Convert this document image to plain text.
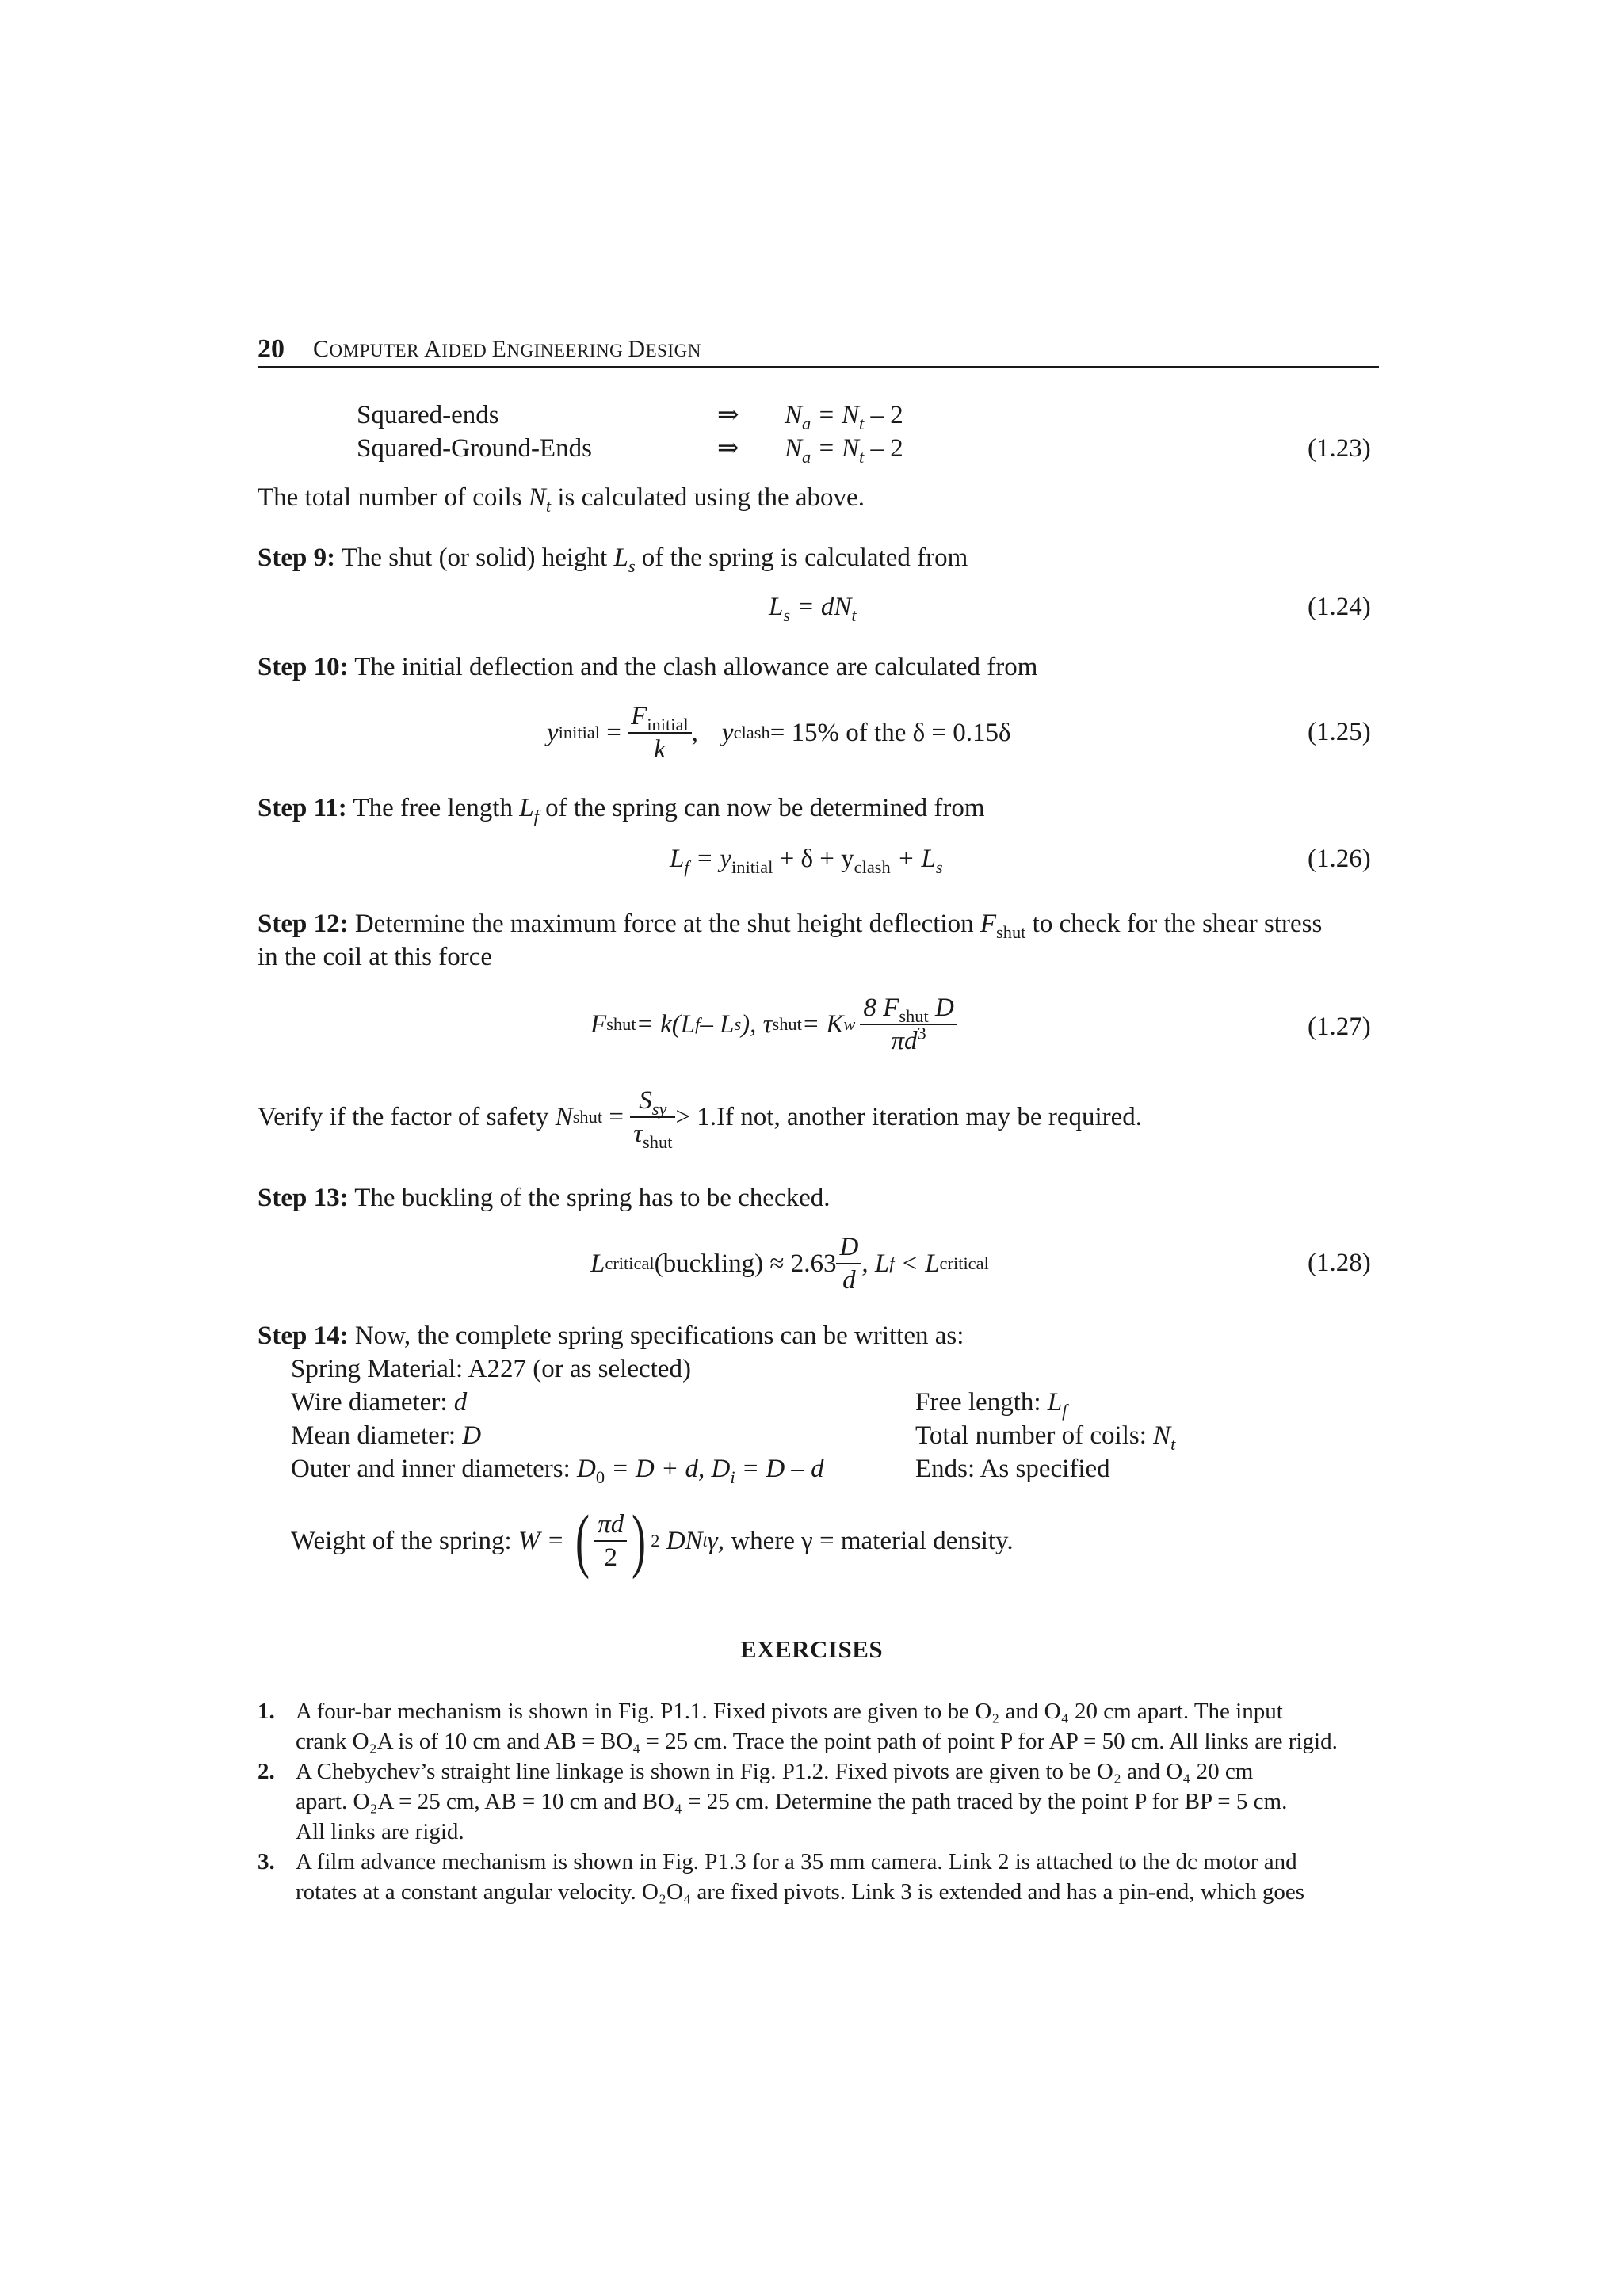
20 COMPUTER AIDED ENGINEERING DESIGN
Squared-ends	⇒ $N_a = N_t - 2$
Squared-Ground-Ends	⇒ $N_a = N_t - 2$	(1.23)
The total number of coils $N_t$ is calculated using the above.
Step 9: The shut (or solid) height $L_s$ of the spring is calculated from
$L_s = dN_t$	(1.24)
Step 10: The initial deflection and the clash allowance are calculated from
y initial = $\frac{F_{initial}}{k}$ , y clash = 15% of the δ = 0.15δ	(1.25)
Step 11: The free length $L_f$ of the spring can now be determined from
$L_f = y_{initial} + \delta + y_{clash} + L_s$	(1.26)
Step 12: Determine the maximum force at the shut height deflection $F_{shut}$ to check for the shear stress
in the coil at this force
F shut = k(L f – L s ), τ shut = K w $\frac{8 F_{shut} D}{\pi d^3}$	(1.27)
Verify if the factor of safety N shut = $\frac{S_{sy}}{\tau_{shut}} > 1$. If not, another iteration may be required.
Step 13: The buckling of the spring has to be checked.
L critical (buckling) ≈ $2.63 \frac{D}{d}$ , L f < L critical	(1.28)
Step 14: Now, the complete spring specifications can be written as:
Spring Material: A227 (or as selected)
Wire diameter: d	Free length: $L_f$
Mean diameter: D	Total number of coils: $N_t$
Outer and inner diameters: $D_0 = D + d$, $D_i = D - d$	Ends: As specified
Weight of the spring: W = ( $\frac{\pi d}{2}$ ) 2 DN t γ, where γ = material density.
EXERCISES
1. A four-bar mechanism is shown in Fig. P1.1. Fixed pivots are given to be O₂ and O₄ 20 cm apart. The input
crank O₂A is of 10 cm and AB = BO₄ = 25 cm. Trace the point path of point P for AP = 50 cm. All links are rigid.
2. A Chebychev’s straight line linkage is shown in Fig. P1.2. Fixed pivots are given to be O₂ and O₄ 20 cm
apart. O₂A = 25 cm, AB = 10 cm and BO₄ = 25 cm. Determine the path traced by the point P for BP = 5 cm.
All links are rigid.
3. A film advance mechanism is shown in Fig. P1.3 for a 35 mm camera. Link 2 is attached to the dc motor and
rotates at a constant angular velocity. O₂O₄ are fixed pivots. Link 3 is extended and has a pin-end, which goes
